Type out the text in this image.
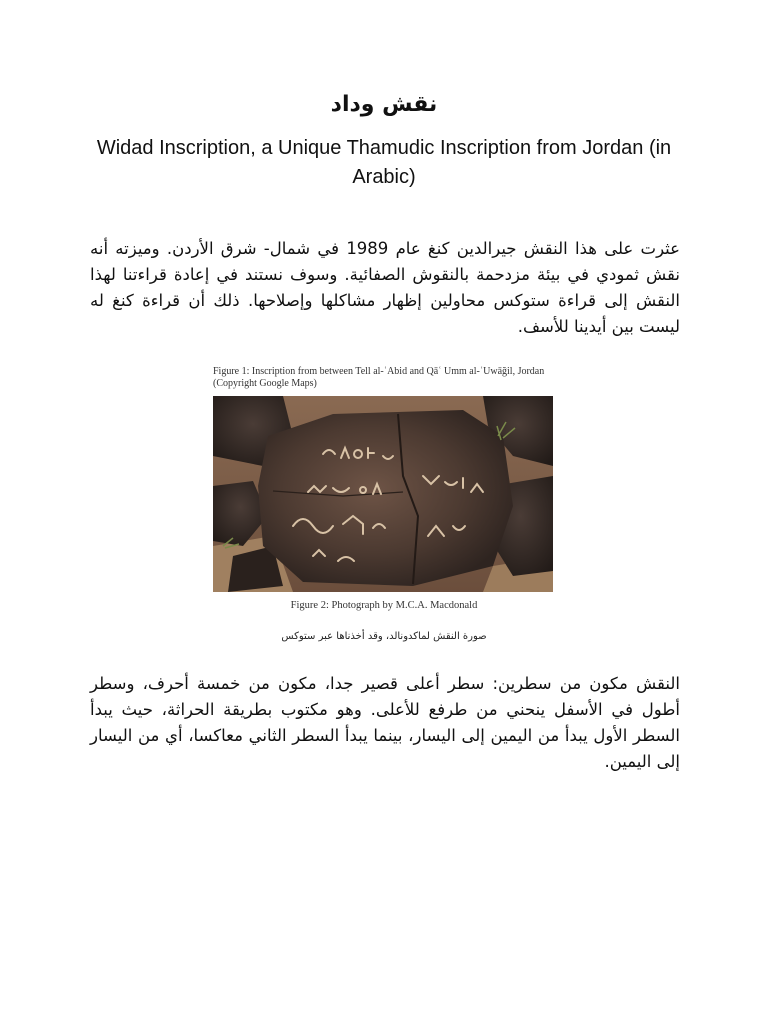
نقش وداد
Widad Inscription, a Unique Thamudic Inscription from Jordan (in Arabic)
عثرت على هذا النقش جيرالدين كنغ عام 1989 في شمال- شرق الأردن. وميزته أنه نقش ثمودي في بيئة مزدحمة بالنقوش الصفائية. وسوف نستند في إعادة قراءتنا لهذا النقش إلى قراءة ستوكس محاولين إظهار مشاكلها وإصلاحها. ذلك أن قراءة كنغ له ليست بين أيدينا للأسف.
Figure 1: Inscription from between Tell al-ʿAbid and Qāʿ Umm al-ʿUwāğil, Jordan (Copyright Google Maps)
Figure 2: Photograph by M.C.A. Macdonald
صورة النقش لماكدونالد، وقد أخذناها عبر ستوكس
النقش مكون من سطرين: سطر أعلى قصير جدا، مكون من خمسة أحرف، وسطر أطول في الأسفل ينحني من طرفع للأعلى. وهو مكتوب بطريقة الحراثة، حيث يبدأ السطر الأول يبدأ من اليمين إلى اليسار، بينما يبدأ السطر الثاني معاكسا، أي من اليسار إلى اليمين.
